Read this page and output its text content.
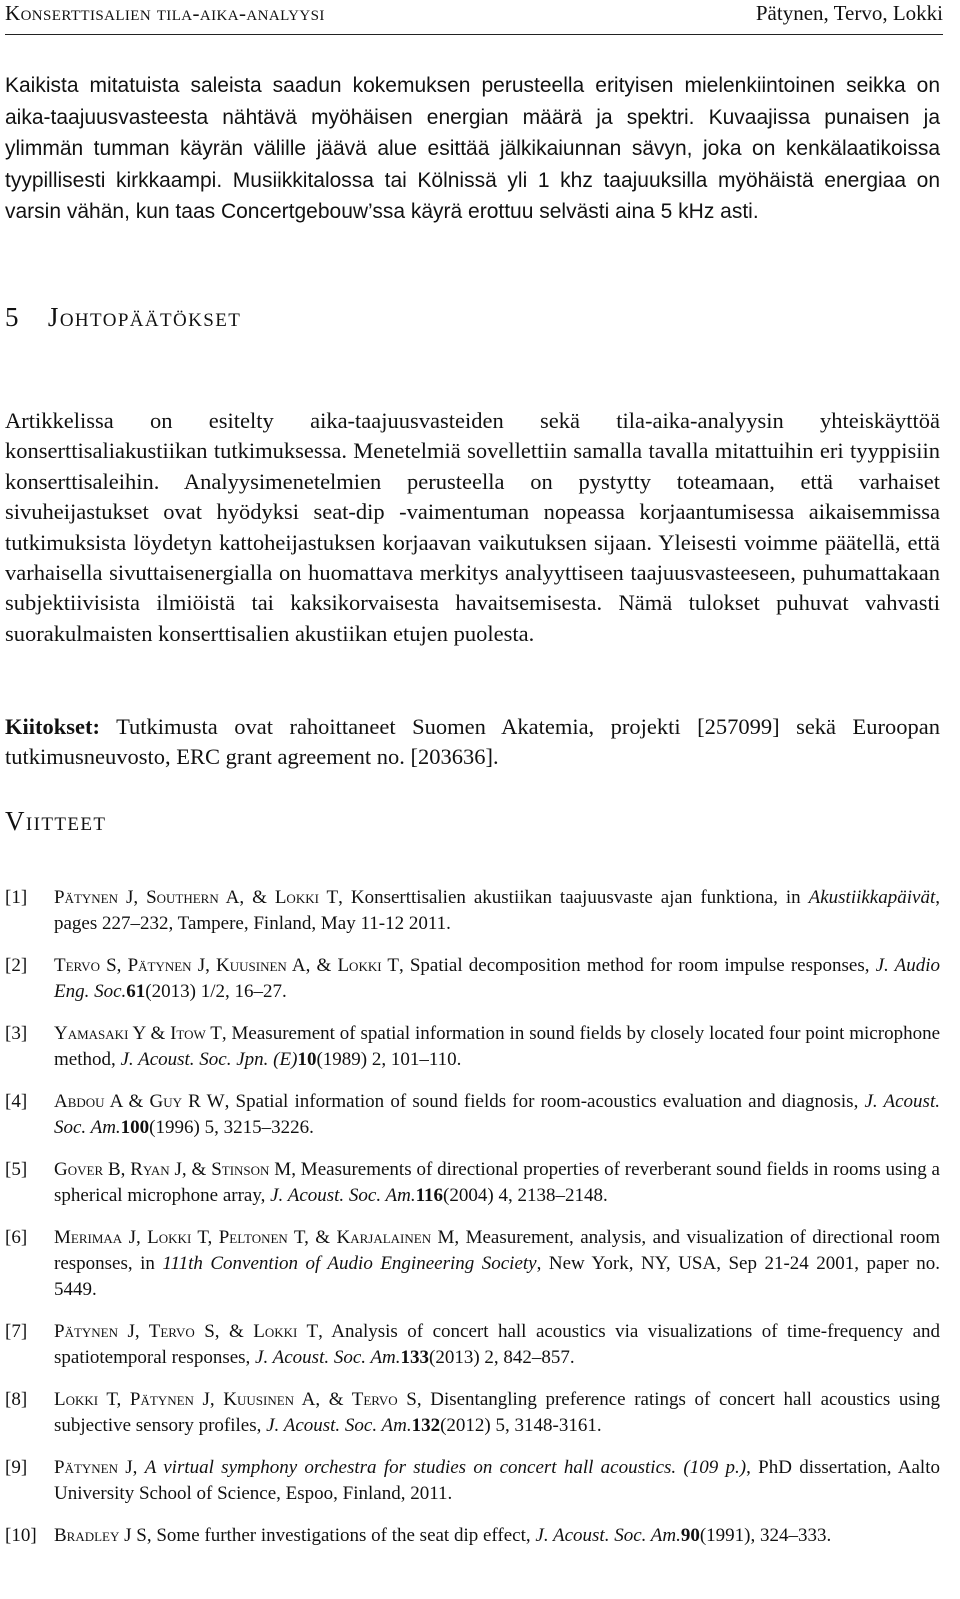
Konserttisalien tila-aika-analyysi	Pätynen, Tervo, Lokki

Kaikista mitatuista saleista saadun kokemuksen perusteella erityisen mielenkiintoinen seikka on aika-taajuusvasteesta nähtävä myöhäisen energian määrä ja spektri. Kuvaajissa punaisen ja ylimmän tumman käyrän välille jäävä alue esittää jälkikaiunnan sävyn, joka on kenkälaatikoissa tyypillisesti kirkkaampi. Musiikkitalossa tai Kölnissä yli 1 khz taajuuksilla myöhäistä energiaa on varsin vähän, kun taas Concertgebouw’ssa käyrä erottuu selvästi aina 5 kHz asti.

5 Johtopäätökset

Artikkelissa on esitelty aika-taajuusvasteiden sekä tila-aika-analyysin yhteiskäyttöä konserttisaliakustiikan tutkimuksessa. Menetelmiä sovellettiin samalla tavalla mitattuihin eri tyyppisiin konserttisaleihin. Analyysimenetelmien perusteella on pystytty toteamaan, että varhaiset sivuheijastukset ovat hyödyksi seat-dip -vaimentuman nopeassa korjaantumisessa aikaisemmissa tutkimuksista löydetyn kattoheijastuksen korjaavan vaikutuksen sijaan. Yleisesti voimme päätellä, että varhaisella sivuttaisenergialla on huomattava merkitys analyyttiseen taajuusvasteeseen, puhumattakaan subjektiivisista ilmiöistä tai kaksikorvaisesta havaitsemisesta. Nämä tulokset puhuvat vahvasti suorakulmaisten konserttisalien akustiikan etujen puolesta.

Kiitokset: Tutkimusta ovat rahoittaneet Suomen Akatemia, projekti [257099] sekä Euroopan tutkimusneuvosto, ERC grant agreement no. [203636].

Viitteet
[1]	Pätynen J, Southern A, & Lokki T, Konserttisalien akustiikan taajuusvaste ajan funktiona, in Akustiikkapäivät, pages 227–232, Tampere, Finland, May 11-12 2011.
[2]	Tervo S, Pätynen J, Kuusinen A, & Lokki T, Spatial decomposition method for room impulse responses, J. Audio Eng. Soc.61(2013) 1/2, 16–27.
[3]	Yamasaki Y & Itow T, Measurement of spatial information in sound fields by closely located four point microphone method, J. Acoust. Soc. Jpn. (E)10(1989) 2, 101–110.
[4]	Abdou A & Guy R W, Spatial information of sound fields for room-acoustics evaluation and diagnosis, J. Acoust. Soc. Am.100(1996) 5, 3215–3226.
[5]	Gover B, Ryan J, & Stinson M, Measurements of directional properties of reverberant sound fields in rooms using a spherical microphone array, J. Acoust. Soc. Am.116(2004) 4, 2138–2148.
[6]	Merimaa J, Lokki T, Peltonen T, & Karjalainen M, Measurement, analysis, and visualization of directional room responses, in 111th Convention of Audio Engineering Society, New York, NY, USA, Sep 21-24 2001, paper no. 5449.
[7]	Pätynen J, Tervo S, & Lokki T, Analysis of concert hall acoustics via visualizations of time-frequency and spatiotemporal responses, J. Acoust. Soc. Am.133(2013) 2, 842–857.
[8]	Lokki T, Pätynen J, Kuusinen A, & Tervo S, Disentangling preference ratings of concert hall acoustics using subjective sensory profiles, J. Acoust. Soc. Am.132(2012) 5, 3148-3161.
[9]	Pätynen J, A virtual symphony orchestra for studies on concert hall acoustics. (109 p.), PhD dissertation, Aalto University School of Science, Espoo, Finland, 2011.
[10] Bradley J S, Some further investigations of the seat dip effect, J. Acoust. Soc. Am.90(1991), 324–333.
